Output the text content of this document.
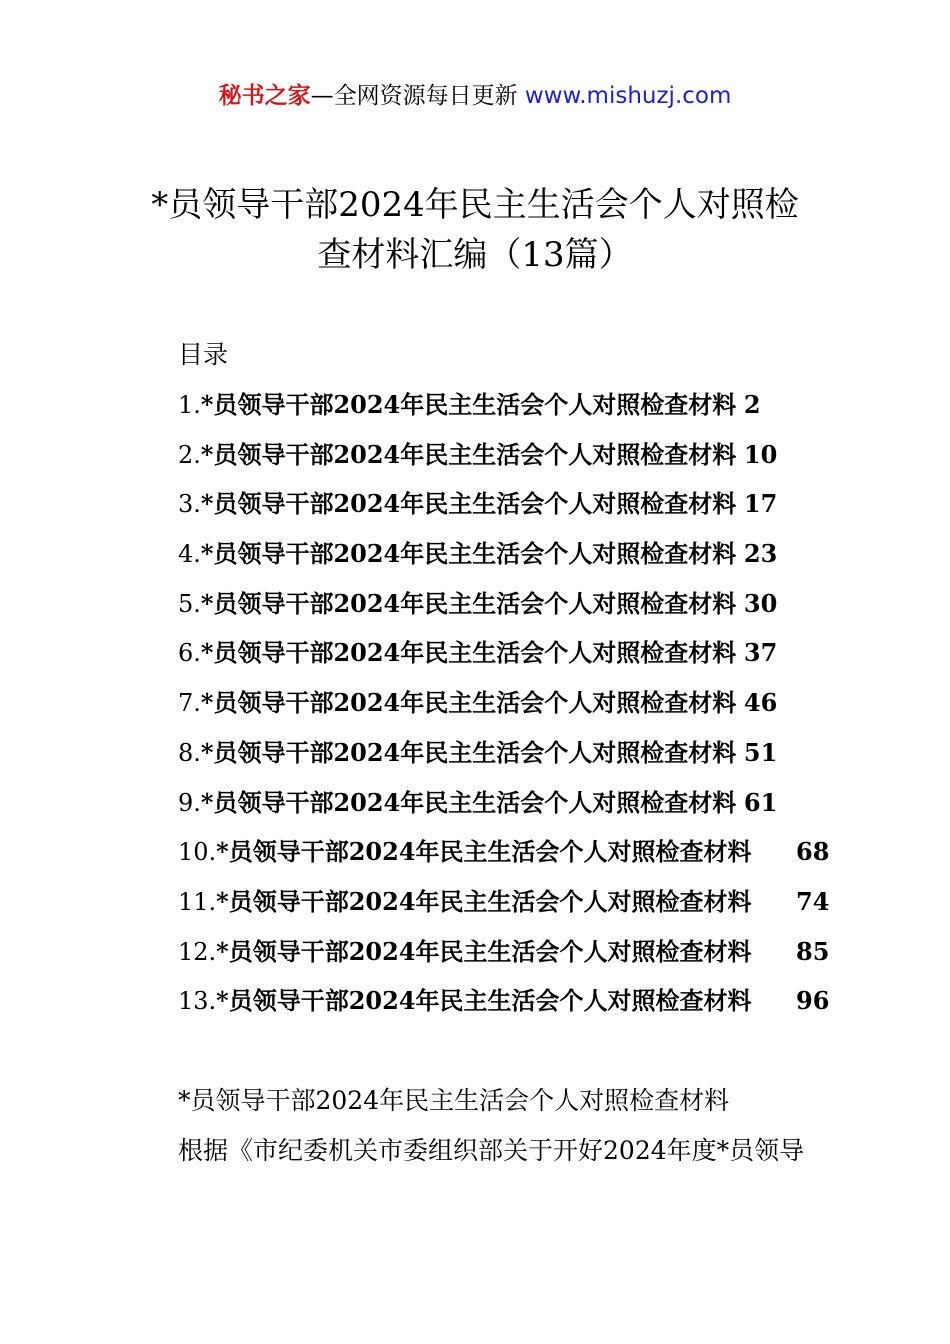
秘书之家—全网资源每日更新 www.mishuzj.com
*员领导干部2024年民主生活会个人对照检
查材料汇编（13篇）
目录
1.*员领导干部2024年民主生活会个人对照检查材料 2
2.*员领导干部2024年民主生活会个人对照检查材料 10
3.*员领导干部2024年民主生活会个人对照检查材料 17
4.*员领导干部2024年民主生活会个人对照检查材料 23
5.*员领导干部2024年民主生活会个人对照检查材料 30
6.*员领导干部2024年民主生活会个人对照检查材料 37
7.*员领导干部2024年民主生活会个人对照检查材料 46
8.*员领导干部2024年民主生活会个人对照检查材料 51
9.*员领导干部2024年民主生活会个人对照检查材料 61
10.*员领导干部2024年民主生活会个人对照检查材料 68
11.*员领导干部2024年民主生活会个人对照检查材料 74
12.*员领导干部2024年民主生活会个人对照检查材料 85
13.*员领导干部2024年民主生活会个人对照检查材料 96
*员领导干部2024年民主生活会个人对照检查材料
根据《市纪委机关市委组织部关于开好2024年度*员领导
